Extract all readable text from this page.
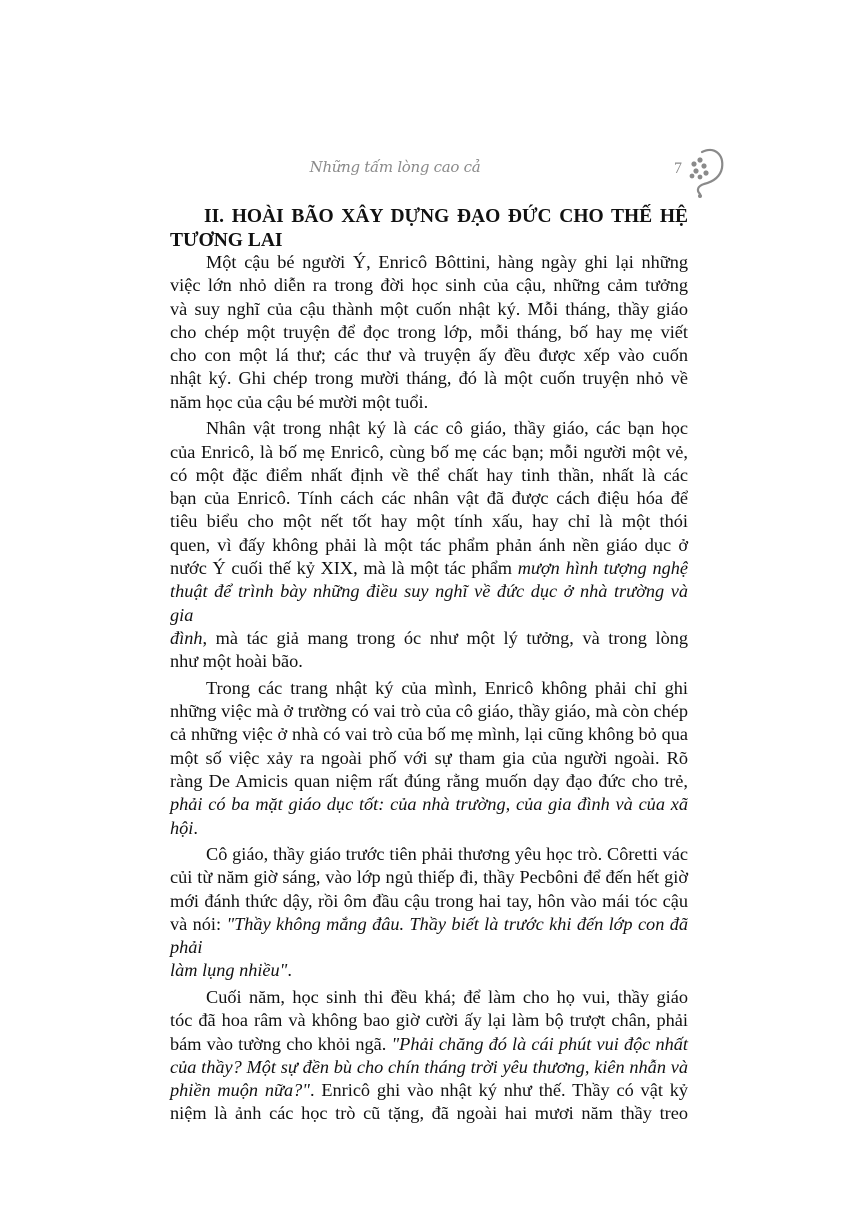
Những tấm lòng cao cả	7
II. HOÀI BÃO XÂY DỰNG ĐẠO ĐỨC CHO THẾ HỆ
TƯƠNG LAI
Một cậu bé người Ý, Enricô Bôttini, hàng ngày ghi lại những
việc lớn nhỏ diễn ra trong đời học sinh của cậu, những cảm tưởng
và suy nghĩ của cậu thành một cuốn nhật ký. Mỗi tháng, thầy giáo
cho chép một truyện để đọc trong lớp, mỗi tháng, bố hay mẹ viết
cho con một lá thư; các thư và truyện ấy đều được xếp vào cuốn
nhật ký. Ghi chép trong mười tháng, đó là một cuốn truyện nhỏ về
năm học của cậu bé mười một tuổi.
Nhân vật trong nhật ký là các cô giáo, thầy giáo, các bạn học
của Enricô, là bố mẹ Enricô, cùng bố mẹ các bạn; mỗi người một vẻ,
có một đặc điểm nhất định về thể chất hay tinh thần, nhất là các
bạn của Enricô. Tính cách các nhân vật đã được cách điệu hóa để
tiêu biểu cho một nết tốt hay một tính xấu, hay chỉ là một thói
quen, vì đấy không phải là một tác phẩm phản ánh nền giáo dục ở
nước Ý cuối thế kỷ XIX, mà là một tác phẩm mượn hình tượng nghệ
thuật để trình bày những điều suy nghĩ về đức dục ở nhà trường và gia
đình, mà tác giả mang trong óc như một lý tưởng, và trong lòng
như một hoài bão.
Trong các trang nhật ký của mình, Enricô không phải chỉ ghi
những việc mà ở trường có vai trò của cô giáo, thầy giáo, mà còn chép
cả những việc ở nhà có vai trò của bố mẹ mình, lại cũng không bỏ qua
một số việc xảy ra ngoài phố với sự tham gia của người ngoài. Rõ
ràng De Amicis quan niệm rất đúng rằng muốn dạy đạo đức cho trẻ,
phải có ba mặt giáo dục tốt: của nhà trường, của gia đình và của xã hội.
Cô giáo, thầy giáo trước tiên phải thương yêu học trò. Côretti vác
củi từ năm giờ sáng, vào lớp ngủ thiếp đi, thầy Pecbôni để đến hết giờ
mới đánh thức dậy, rồi ôm đầu cậu trong hai tay, hôn vào mái tóc cậu
và nói: "Thầy không mắng đâu. Thầy biết là trước khi đến lớp con đã phải
làm lụng nhiều".
Cuối năm, học sinh thi đều khá; để làm cho họ vui, thầy giáo
tóc đã hoa râm và không bao giờ cười ấy lại làm bộ trượt chân, phải
bám vào tường cho khỏi ngã. "Phải chăng đó là cái phút vui độc nhất
của thầy? Một sự đền bù cho chín tháng trời yêu thương, kiên nhẫn và
phiền muộn nữa?". Enricô ghi vào nhật ký như thế. Thầy có vật kỷ
niệm là ảnh các học trò cũ tặng, đã ngoài hai mươi năm thầy treo
